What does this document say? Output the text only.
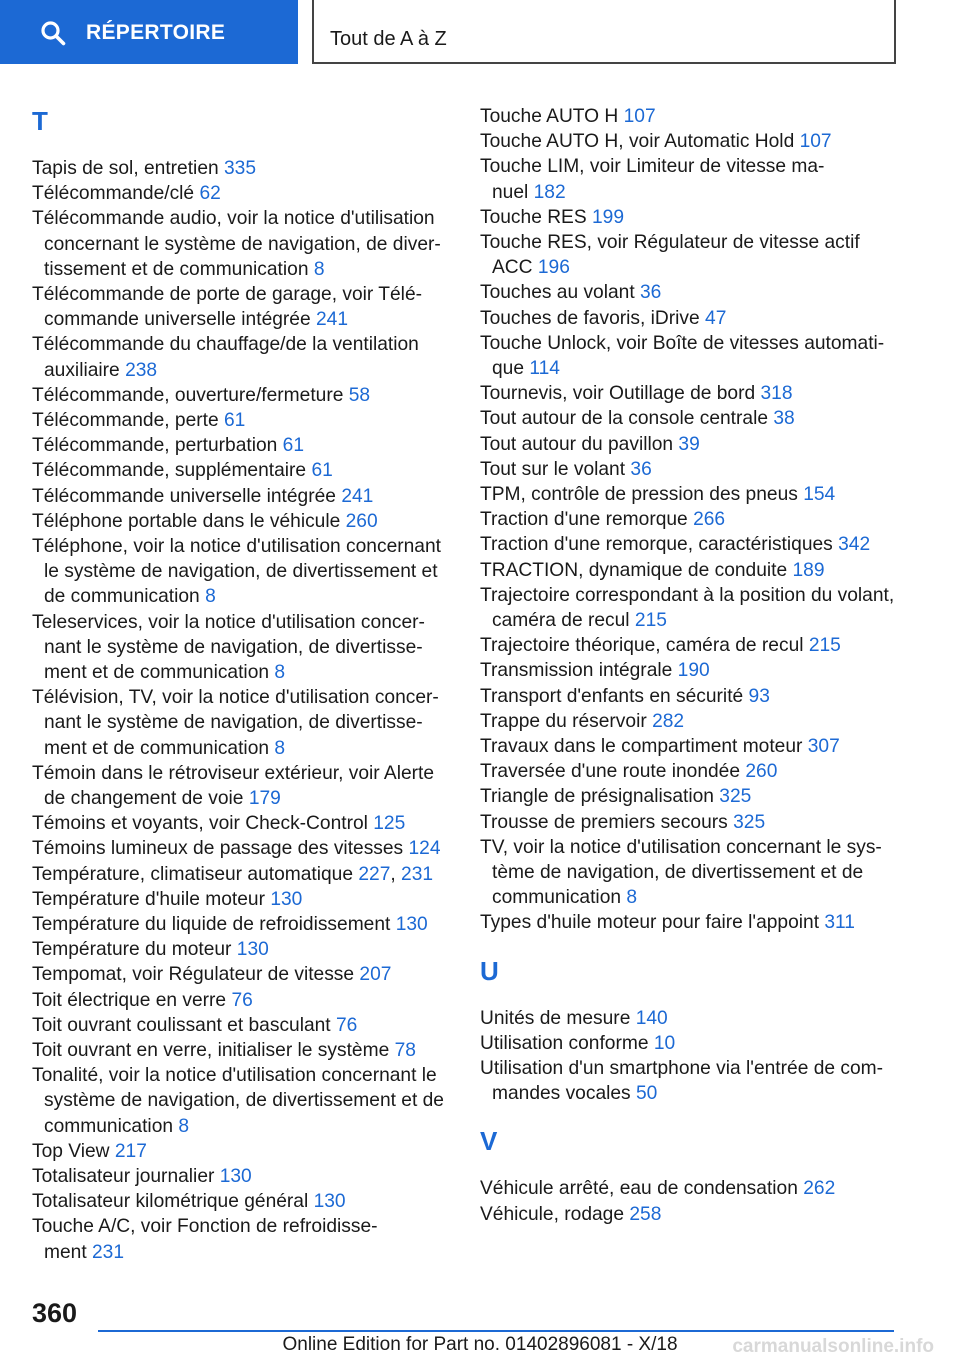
RÉPERTOIRE	Tout de A à Z
T
Tapis de sol, entretien 335
Télécommande/clé 62
Télécommande audio, voir la notice d'utilisation
concernant le système de navigation, de diver-
tissement et de communication 8
Télécommande de porte de garage, voir Télé-
commande universelle intégrée 241
Télécommande du chauffage/de la ventilation
auxiliaire 238
Télécommande, ouverture/fermeture 58
Télécommande, perte 61
Télécommande, perturbation 61
Télécommande, supplémentaire 61
Télécommande universelle intégrée 241
Téléphone portable dans le véhicule 260
Téléphone, voir la notice d'utilisation concernant
le système de navigation, de divertissement et
de communication 8
Teleservices, voir la notice d'utilisation concer-
nant le système de navigation, de divertisse-
ment et de communication 8
Télévision, TV, voir la notice d'utilisation concer-
nant le système de navigation, de divertisse-
ment et de communication 8
Témoin dans le rétroviseur extérieur, voir Alerte
de changement de voie 179
Témoins et voyants, voir Check-Control 125
Témoins lumineux de passage des vitesses 124
Température, climatiseur automatique 227, 231
Température d'huile moteur 130
Température du liquide de refroidissement 130
Température du moteur 130
Tempomat, voir Régulateur de vitesse 207
Toit électrique en verre 76
Toit ouvrant coulissant et basculant 76
Toit ouvrant en verre, initialiser le système 78
Tonalité, voir la notice d'utilisation concernant le
système de navigation, de divertissement et de
communication 8
Top View 217
Totalisateur journalier 130
Totalisateur kilométrique général 130
Touche A/C, voir Fonction de refroidisse-
ment 231
Touche AUTO H 107
Touche AUTO H, voir Automatic Hold 107
Touche LIM, voir Limiteur de vitesse ma-
nuel 182
Touche RES 199
Touche RES, voir Régulateur de vitesse actif
ACC 196
Touches au volant 36
Touches de favoris, iDrive 47
Touche Unlock, voir Boîte de vitesses automati-
que 114
Tournevis, voir Outillage de bord 318
Tout autour de la console centrale 38
Tout autour du pavillon 39
Tout sur le volant 36
TPM, contrôle de pression des pneus 154
Traction d'une remorque 266
Traction d'une remorque, caractéristiques 342
TRACTION, dynamique de conduite 189
Trajectoire correspondant à la position du volant,
caméra de recul 215
Trajectoire théorique, caméra de recul 215
Transmission intégrale 190
Transport d'enfants en sécurité 93
Trappe du réservoir 282
Travaux dans le compartiment moteur 307
Traversée d'une route inondée 260
Triangle de présignalisation 325
Trousse de premiers secours 325
TV, voir la notice d'utilisation concernant le sys-
tème de navigation, de divertissement et de
communication 8
Types d'huile moteur pour faire l'appoint 311
U
Unités de mesure 140
Utilisation conforme 10
Utilisation d'un smartphone via l'entrée de com-
mandes vocales 50
V
Véhicule arrêté, eau de condensation 262
Véhicule, rodage 258
360
Online Edition for Part no. 01402896081 - X/18	carmanualsonline.info
